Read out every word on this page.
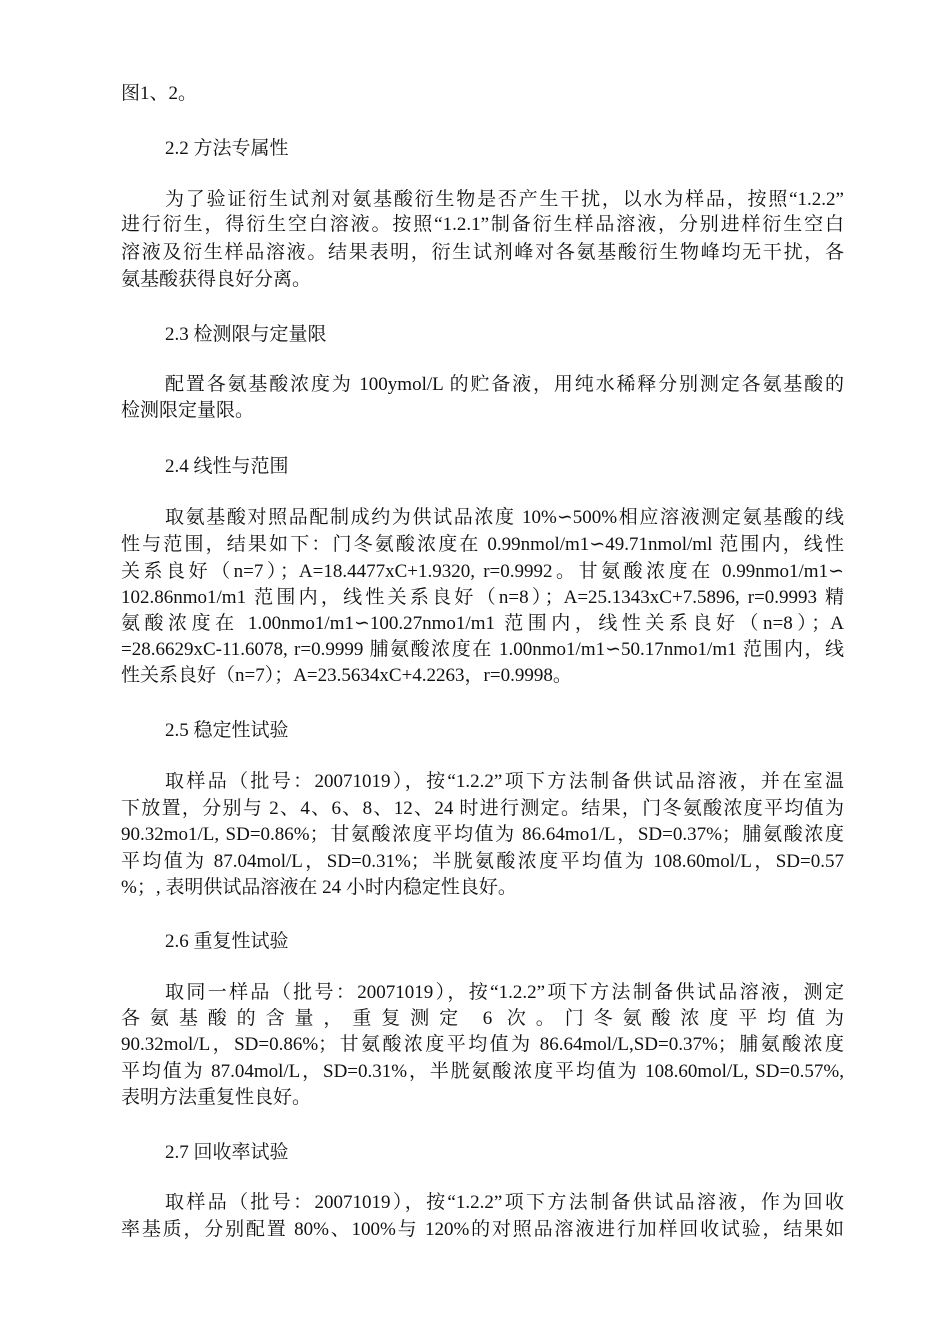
图1、2。
2.2 方法专属性
为了验证衍生试剂对氨基酸衍生物是否产生干扰，以水为样品，按照“1.2.2”
进行衍生，得衍生空白溶液。按照“1.2.1”制备衍生样品溶液，分别进样衍生空白
溶液及衍生样品溶液。结果表明，衍生试剂峰对各氨基酸衍生物峰均无干扰，各
氨基酸获得良好分离。
2.3 检测限与定量限
配置各氨基酸浓度为 100ymol/L 的贮备液，用纯水稀释分别测定各氨基酸的
检测限定量限。
2.4 线性与范围
取氨基酸对照品配制成约为供试品浓度 10%∽500%相应溶液测定氨基酸的线
性与范围，结果如下：门冬氨酸浓度在 0.99nmol/m1∽49.71nmol/ml 范围内，线性
关系良好（n=7）；A=18.4477xC+1.9320, r=0.9992。甘氨酸浓度在 0.99nmo1/m1∽
102.86nmo1/m1 范围内，线性关系良好（n=8）；A=25.1343xC+7.5896, r=0.9993 精
氨酸浓度在 1.00nmo1/m1∽100.27nmo1/m1 范围内，线性关系良好（n=8）；A
=28.6629xC-11.6078, r=0.9999 脯氨酸浓度在 1.00nmo1/m1∽50.17nmo1/m1 范围内，线
性关系良好（n=7）；A=23.5634xC+4.2263，r=0.9998。
2.5 稳定性试验
取样品（批号：20071019），按“1.2.2”项下方法制备供试品溶液，并在室温
下放置，分别与 2、4、6、8、12、24 时进行测定。结果，门冬氨酸浓度平均值为
90.32mo1/L, SD=0.86%；甘氨酸浓度平均值为 86.64mo1/L，SD=0.37%；脯氨酸浓度
平均值为 87.04mol/L，SD=0.31%；半胱氨酸浓度平均值为 108.60mol/L，SD=0.57
%；, 表明供试品溶液在 24 小时内稳定性良好。
2.6 重复性试验
取同一样品（批号：20071019），按“1.2.2”项下方法制备供试品溶液，测定
各氨基酸的含量，重复测定 6 次。门冬氨酸浓度平均值为
90.32mol/L，SD=0.86%；甘氨酸浓度平均值为 86.64mol/L,SD=0.37%；脯氨酸浓度
平均值为 87.04mol/L，SD=0.31%，半胱氨酸浓度平均值为 108.60mol/L, SD=0.57%,
表明方法重复性良好。
2.7 回收率试验
取样品（批号：20071019），按“1.2.2”项下方法制备供试品溶液，作为回收
率基质，分别配置 80%、100%与 120%的对照品溶液进行加样回收试验，结果如
